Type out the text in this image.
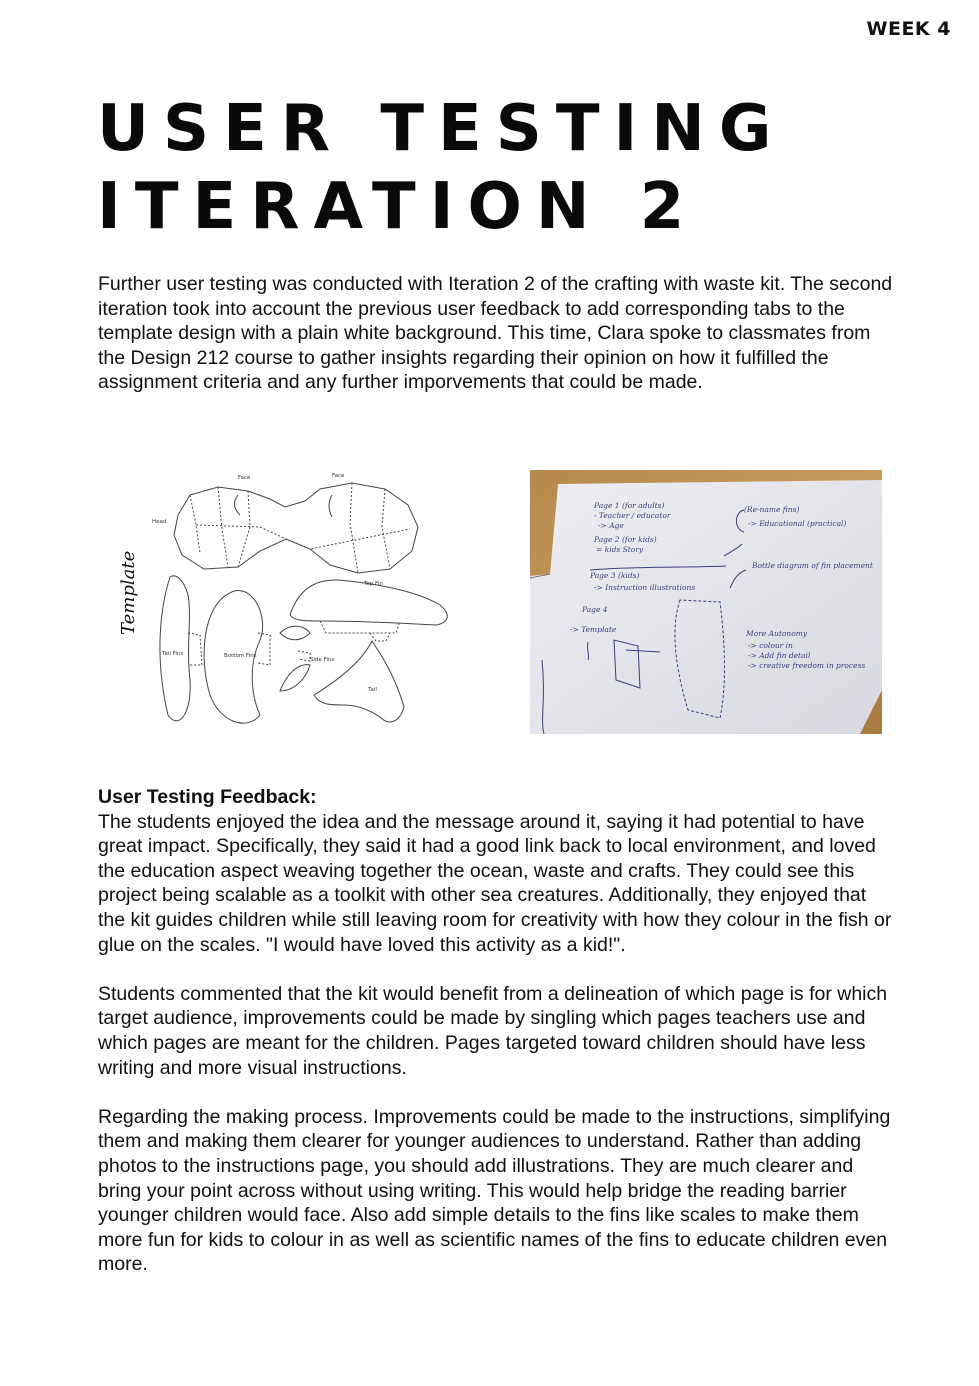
WEEK 4
USER TESTING
ITERATION 2

Further user testing was conducted with Iteration 2 of the crafting with waste kit. The second iteration took into account the previous user feedback to add corresponding tabs to the template design with a plain white background. This time, Clara spoke to classmates from the Design 212 course to gather insights regarding their opinion on how it fulfilled the assignment criteria and any further imporvements that could be made.

Face	Face
Head
Top Fin
Tail Fins	Bottom Fins
Side Fins
Tail
Template
Page 1 (for adults)
- Teacher / educator
-> Age
Page 2 (for kids)
= kids Story
Page 3 (kids)
-> Instruction illustrations
Page 4
-> Template
(Re-name fins)
-> Educational (practical)
Bottle diagram of fin placement
More Autonomy
-> colour in
-> Add fin detail
-> creative freedom in process
User Testing Feedback:

The students enjoyed the idea and the message around it, saying it had potential to have great impact. Specifically, they said it had a good link back to local environment, and loved the education aspect weaving together the ocean, waste and crafts. They could see this project being scalable as a toolkit with other sea creatures. Additionally, they enjoyed that the kit guides children while still leaving room for creativity with how they colour in the fish or glue on the scales. "I would have loved this activity as a kid!".

Students commented that the kit would benefit from a delineation of which page is for which target audience, improvements could be made by singling which pages teachers use and which pages are meant for the children. Pages targeted toward children should have less writing and more visual instructions.

Regarding the making process. Improvements could be made to the instructions, simplifying them and making them clearer for younger audiences to understand. Rather than adding photos to the instructions page, you should add illustrations. They are much clearer and bring your point across without using writing. This would help bridge the reading barrier younger children would face. Also add simple details to the fins like scales to make them more fun for kids to colour in as well as scientific names of the fins to educate children even more.
